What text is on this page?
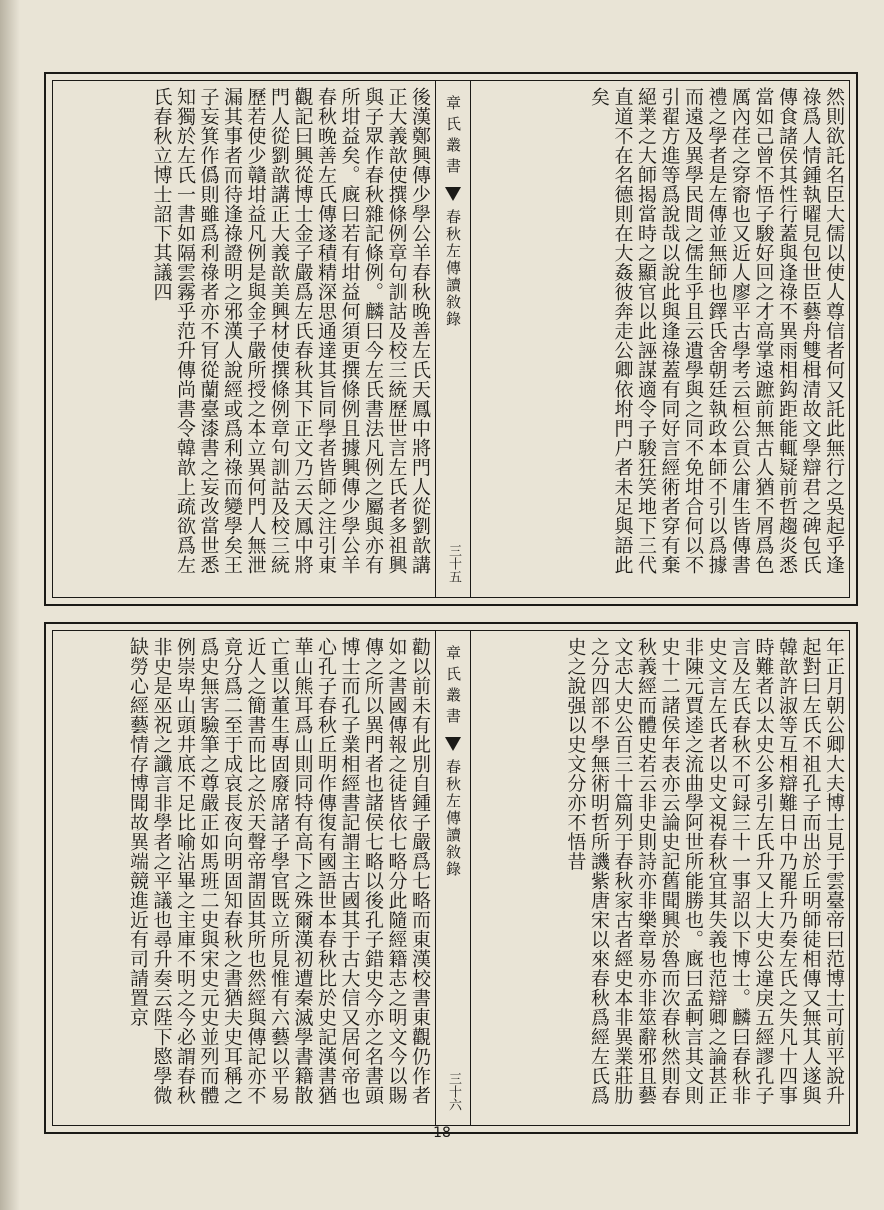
然則欲託名臣大儒以使人尊信者何又託此無行之吳起乎逢祿爲人情鍾執曜見包世臣藝舟雙楫清故文學辯君之碑包氏傳食諸侯其性行蓋與逢祿不異雨相鈎距能輒疑前哲趨炎悉當如己曾不悟子駿好回之才高掌遠蹠前無古人猶不屑爲色厲內荏之穿窬也又近人廖平古學考云桓公貢公庸生皆傳書禮之學者是左傳並無師也鐸氏舍朝廷執政本師不引以爲據而遠及異學民間之儒生乎且云遺學與之同不免坩合何以不引翟方進等爲說哉以說此與逢祿蓋有同好言經術者穿有棄絕業之大師揭當時之顯官以此誣謀適令子駿狂笑地下三代直道不在名德則在大姦彼奔走公卿依坿門户者未足與語此矣
章氏叢書
春秋左傳讀敘錄
三十五
後漢鄭興傳少學公羊春秋晚善左氏天鳳中將門人從劉歆講正大義歆使撰條例章句訓詁及校三統歷世言左氏者多祖興與子眾作春秋雜記條例。麟曰今左氏書法凡例之屬與亦有所坩益矣。廐曰若有坩益何須更撰條例且據興傳少學公羊春秋晚善左氏傳遂積精深思通達其旨同學者皆師之注引東觀記曰興從博士金子嚴爲左氏春秋其下正文乃云天鳳中將門人從劉歆講正大義歆美興材使撰條例章句訓詁及校三統歷若使少贛坩益凡例是與金子嚴所授之本立異何門人無泄漏其事者而待逢祿證明之邪漢人說經或爲利祿而變學矣王子妄箕作僞則雖爲利祿者亦不肎從蘭臺漆書之妄改當世悉知獨於左氏一書如隔雲霧乎范升傳尚書令韓歆上疏欲爲左氏春秋立博士詔下其議四
年正月朝公卿大夫博士見于雲臺帝曰范博士可前平說升起對曰左氏不祖孔子而出於丘明師徒相傳又無其人遂與韓歆許淑等互相辯難日中乃罷升乃奏左氏之失凡十四事時難者以太史公多引左氏升又上大史公違戾五經謬孔子言及左氏春秋不可録三十一事詔以下博士。麟曰春秋非史文言左氏者以史文視春秋宜其失義也范辯卿之論甚正非陳元賈逵之流曲學阿世所能勝也。廐曰孟軻言其文則史十二諸侯年表亦云論史記舊聞興於魯而次春秋然則春秋義經而體史若云非史則詩亦非樂章易亦非筮辭邪且藝文志大史公百三十篇列于春秋家古者經史本非異業莊肋之分四部不學無術明哲所譏紫唐宋以來春秋爲經左氏爲史之說强以史文分亦不悟昔
章氏叢書
春秋左傳讀敘錄
三十六
勸以前未有此別自鍾子嚴爲七略而東漢校書東觀仍作者如之書國傳報之徒皆依七略分此隨經籍志之明文今以賜傳之所以異門者也諸侯七略以後孔子錯史今亦之名書頭博士而孔子業相經書記謂主古國其于古大信又居何帝也心孔子春秋丘明作傳復有國語世本春秋比於史記漢書猶華山熊耳爲山則同特有高下之殊爾漢初遭秦滅學書籍散亡重以董生專固廢席諸子學官既立所見惟有六藝以平易近人之簡書而比之於天聲帝謂固其所也然經與傳記亦不竟分爲二至于成哀長夜向明固知春秋之書猶夫史耳稱之爲史無害驗筆之尊嚴正如馬班二史與宋史元史並列而體例崇卑山頭井底不足比喻沾畢之主庫不明之今必謂春秋非史是巫祝之讖言非學者之平議也尋升奏云陛下愍學微缺勞心經藝情存博聞故異端競進近有司請置京
18
